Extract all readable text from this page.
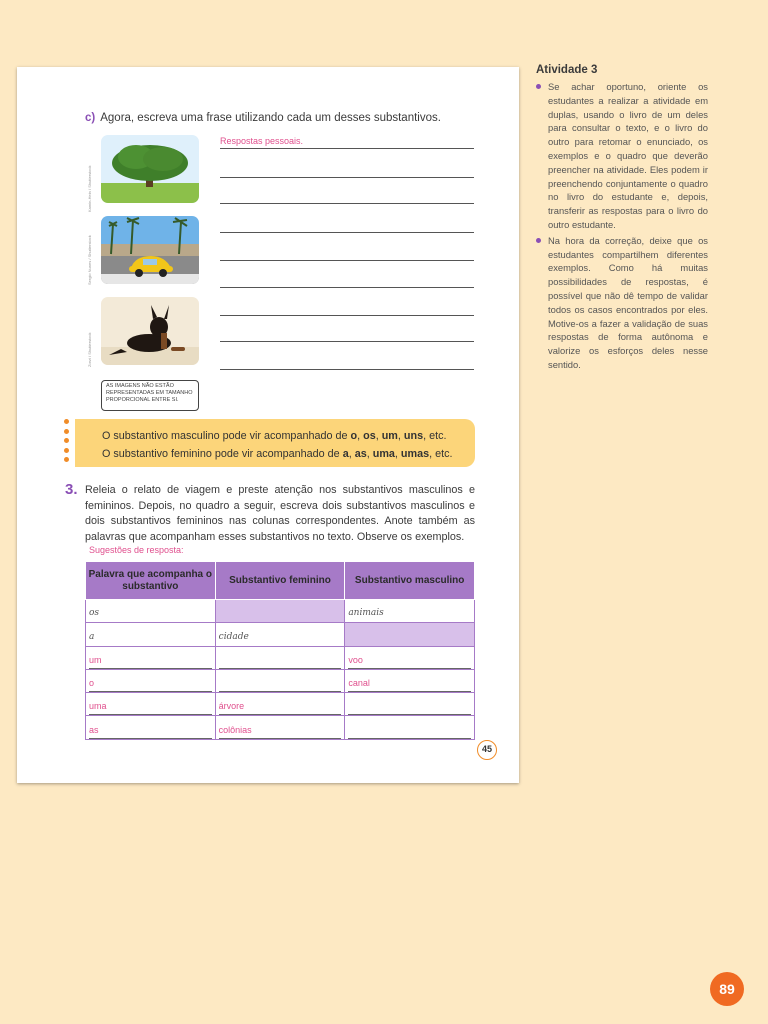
c) Agora, escreva uma frase utilizando cada um desses substantivos.
Kamin-Hein / Shutterstock
Sergio Nunes / Shutterstock
Zorzi / Shutterstock
Respostas pessoais.
AS IMAGENS NÃO ESTÃO REPRESENTADAS EM TAMANHO PROPORCIONAL ENTRE SI.
O substantivo masculino pode vir acompanhado de o, os, um, uns, etc.
O substantivo feminino pode vir acompanhado de a, as, uma, umas, etc.
3. Releia o relato de viagem e preste atenção nos substantivos masculinos e femininos. Depois, no quadro a seguir, escreva dois substantivos masculinos e dois substantivos femininos nas colunas correspondentes. Anote também as palavras que acompanham esses substantivos no texto. Observe os exemplos.
Sugestões de resposta:
Palavra que acompanha o substantivo	Substantivo feminino	Substantivo masculino

os		animais

a	cidade	

um		voo

o		canal

uma	árvore	

as	colônias	

45
Atividade 3
Se achar oportuno, oriente os estudantes a realizar a atividade em duplas, usando o livro de um deles para consultar o texto, e o livro do outro para retomar o enunciado, os exemplos e o quadro que deverão preencher na atividade. Eles podem ir preenchendo conjuntamente o quadro no livro do estudante e, depois, transferir as respostas para o livro do outro estudante.
Na hora da correção, deixe que os estudantes compartilhem diferentes exemplos. Como há muitas possibilidades de respostas, é possível que não dê tempo de validar todos os casos encontrados por eles. Motive-os a fazer a validação de suas respostas de forma autônoma e valorize os esforços deles nesse sentido.
89
